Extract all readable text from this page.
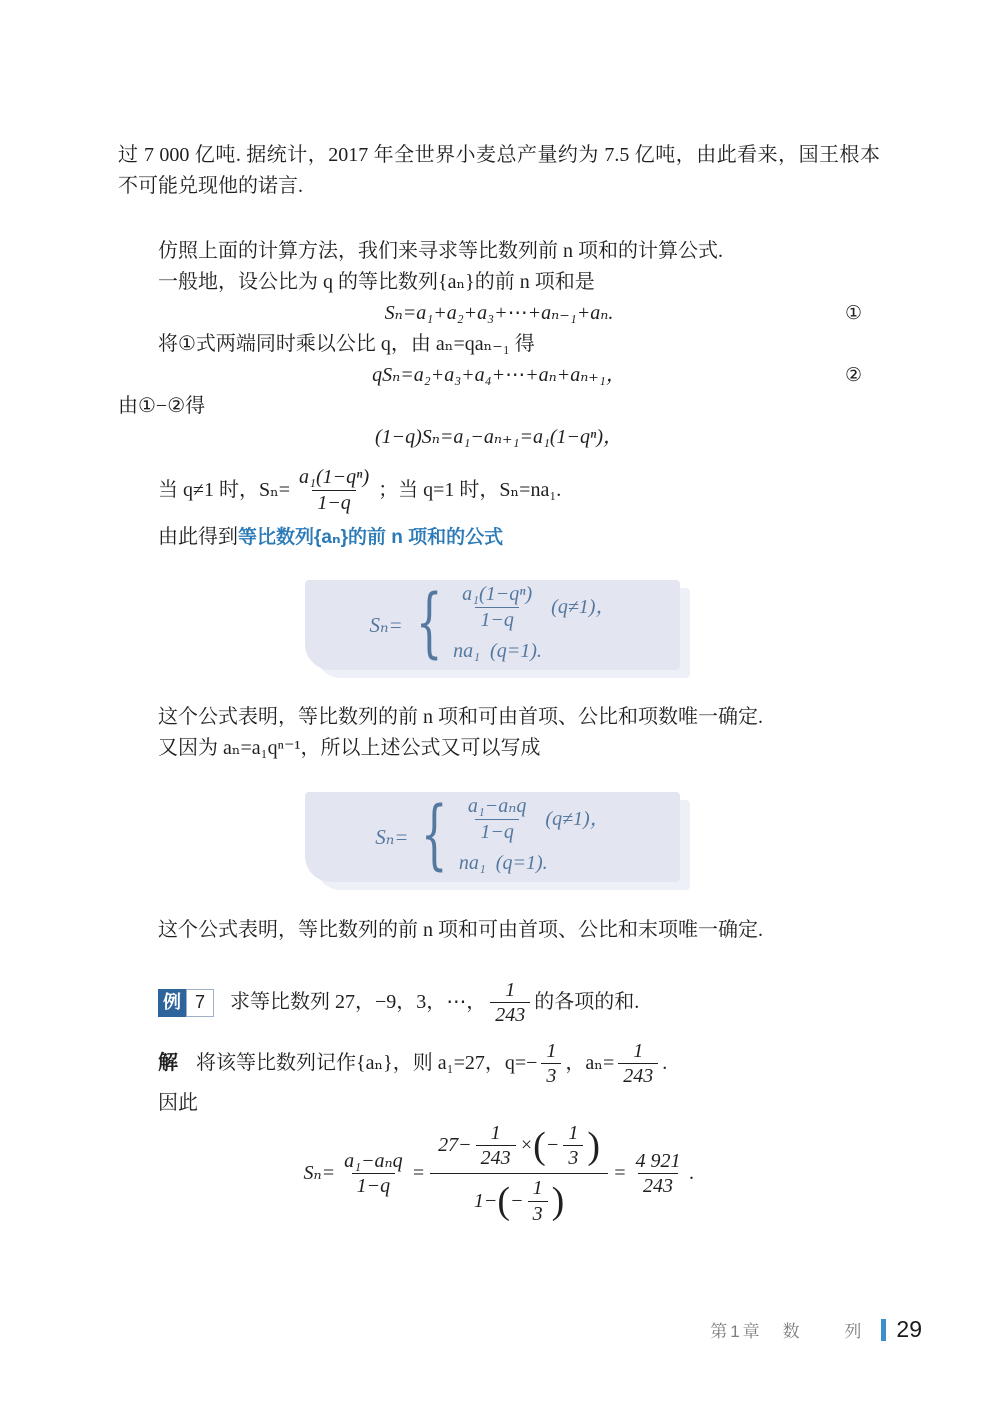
过 7 000 亿吨. 据统计，2017 年全世界小麦总产量约为 7.5 亿吨，由此看来，国王根本不可能兑现他的诺言.

仿照上面的计算方法，我们来寻求等比数列前 n 项和的计算公式.

一般地，设公比为 q 的等比数列{aₙ}的前 n 项和是

Sₙ=a₁+a₂+a₃+⋯+aₙ₋₁+aₙ.	①

将①式两端同时乘以公比 q，由 aₙ=qaₙ₋₁ 得

qSₙ=a₂+a₃+a₄+⋯+aₙ+aₙ₊₁，	②

由①−②得

(1−q)Sₙ=a₁−aₙ₊₁=a₁(1−qⁿ)，

当 q≠1 时，$S_n= \frac{\text{a₁(1−qⁿ)}}{1-q}$ ；当 q=1 时，Sₙ=na₁.

由此得到等比数列{aₙ}的前 n 项和的公式

Sₙ= { $\frac{\text{a₁(1−qⁿ)}}{1-q} (q\ne 1)$，
na₁ (q=1).

这个公式表明，等比数列的前 n 项和可由首项、公比和项数唯一确定.

又因为 aₙ=a₁qⁿ⁻¹，所以上述公式又可以写成

Sₙ= { $\frac{\text{a₁−aₙq}}{1-q} (q\ne 1)$，
na₁ (q=1).

这个公式表明，等比数列的前 n 项和可由首项、公比和末项唯一确定.

例 7	求等比数列 27，−9，3，⋯， $\frac{1}{243}$ 的各项的和.
解 将该等比数列记作{aₙ}，则 a₁=27，$q=- \frac{1}{3}$ ，$a_n= \frac{1}{243}$ .

因此

$S_n= \frac{\text{a₁−aₙq}}{1-q}$ =
$27- \frac{1}{243}$ × ( − $\frac{1}{3}$ )
1− ( − $\frac{1}{3}$ )
= $\frac{4 921}{243}$ .
第1章 数 列 29
